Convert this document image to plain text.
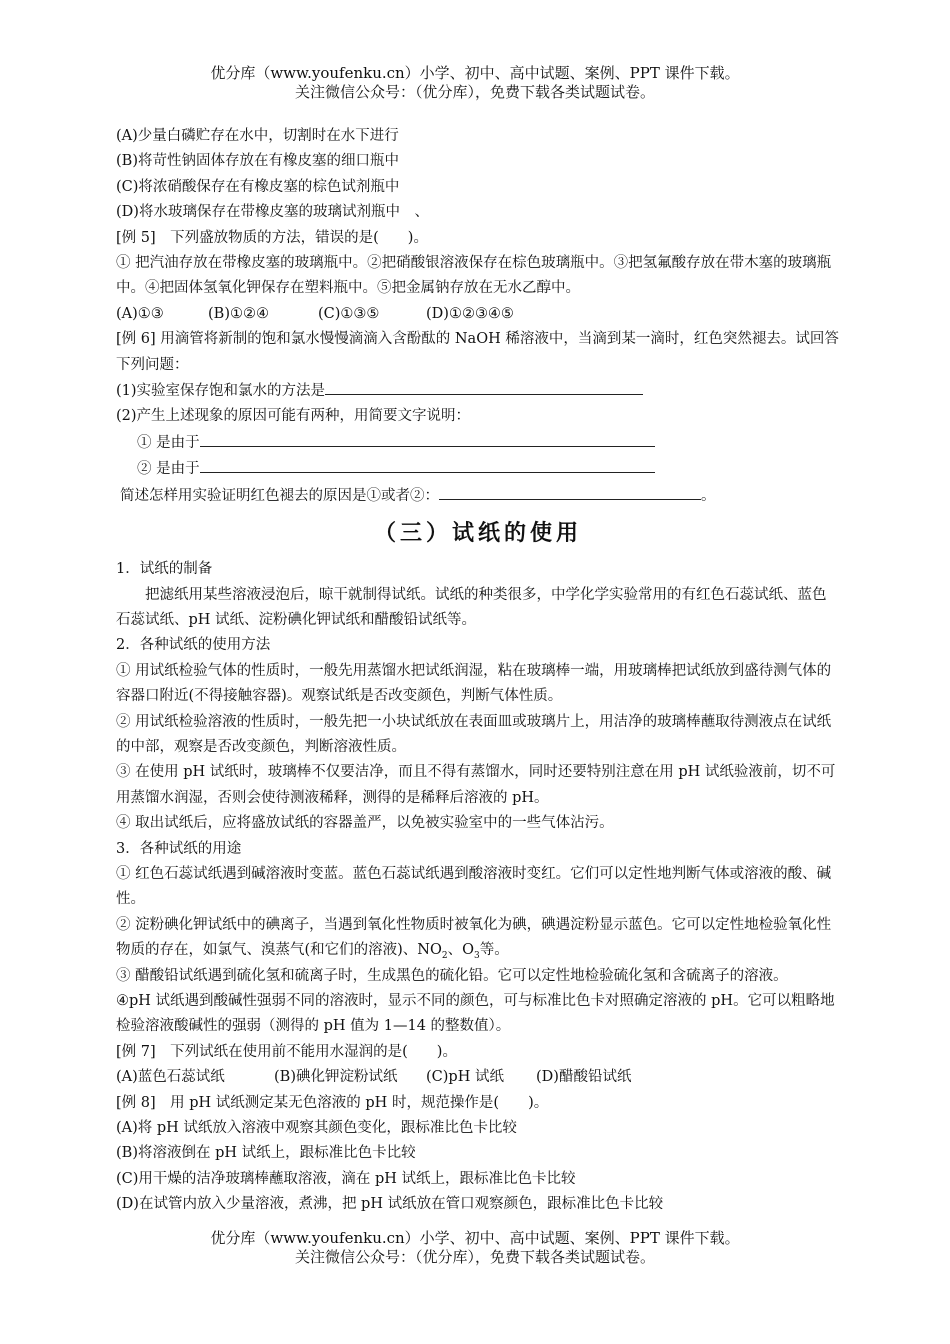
优分库（www.youfenku.cn）小学、初中、高中试题、案例、PPT 课件下载。
关注微信公众号：（优分库），免费下载各类试题试卷。

(A)少量白磷贮存在水中，切割时在水下进行

(B)将苛性钠固体存放在有橡皮塞的细口瓶中

(C)将浓硝酸保存在有橡皮塞的棕色试剂瓶中

(D)将水玻璃保存在带橡皮塞的玻璃试剂瓶中　、

[例 5]　下列盛放物质的方法，错误的是(　　)。

① 把汽油存放在带橡皮塞的玻璃瓶中。②把硝酸银溶液保存在棕色玻璃瓶中。③把氢氟酸存放在带木塞的玻璃瓶中。④把固体氢氧化钾保存在塑料瓶中。⑤把金属钠存放在无水乙醇中。

(A)①③	(B)①②④	(C)①③⑤	(D)①②③④⑤

[例 6] 用滴管将新制的饱和氯水慢慢滴滴入含酚酞的 NaOH 稀溶液中，当滴到某一滴时，红色突然褪去。试回答下列问题：

(1)实验室保存饱和氯水的方法是

(2)产生上述现象的原因可能有两种，用简要文字说明：

① 是由于

② 是由于

简述怎样用实验证明红色褪去的原因是①或者②：	。

（三）试纸的使用

1．试纸的制备

把滤纸用某些溶液浸泡后，晾干就制得试纸。试纸的种类很多，中学化学实验常用的有红色石蕊试纸、蓝色石蕊试纸、pH 试纸、淀粉碘化钾试纸和醋酸铅试纸等。

2．各种试纸的使用方法

① 用试纸检验气体的性质时，一般先用蒸馏水把试纸润湿，粘在玻璃棒一端，用玻璃棒把试纸放到盛待测气体的容器口附近(不得接触容器)。观察试纸是否改变颜色，判断气体性质。

② 用试纸检验溶液的性质时，一般先把一小块试纸放在表面皿或玻璃片上，用洁净的玻璃棒蘸取待测液点在试纸的中部，观察是否改变颜色，判断溶液性质。

③ 在使用 pH 试纸时，玻璃棒不仅要洁净，而且不得有蒸馏水，同时还要特别注意在用 pH 试纸验液前，切不可用蒸馏水润湿，否则会使待测液稀释，测得的是稀释后溶液的 pH。

④ 取出试纸后，应将盛放试纸的容器盖严，以免被实验室中的一些气体沾污。

3．各种试纸的用途

① 红色石蕊试纸遇到碱溶液时变蓝。蓝色石蕊试纸遇到酸溶液时变红。它们可以定性地判断气体或溶液的酸、碱性。

② 淀粉碘化钾试纸中的碘离子，当遇到氧化性物质时被氧化为碘，碘遇淀粉显示蓝色。它可以定性地检验氧化性物质的存在，如氯气、溴蒸气(和它们的溶液)、$NO_2$、$O_3$等。

③ 醋酸铅试纸遇到硫化氢和硫离子时，生成黑色的硫化铅。它可以定性地检验硫化氢和含硫离子的溶液。

④pH 试纸遇到酸碱性强弱不同的溶液时，显示不同的颜色，可与标准比色卡对照确定溶液的 pH。它可以粗略地检验溶液酸碱性的强弱（测得的 pH 值为 1—14 的整数值）。

[例 7]　下列试纸在使用前不能用水湿润的是(　　)。

(A)蓝色石蕊试纸	(B)碘化钾淀粉试纸 (C)pH 试纸 (D)醋酸铅试纸

[例 8]　用 pH 试纸测定某无色溶液的 pH 时，规范操作是(　　)。

(A)将 pH 试纸放入溶液中观察其颜色变化，跟标准比色卡比较

(B)将溶液倒在 pH 试纸上，跟标准比色卡比较

(C)用干燥的洁净玻璃棒蘸取溶液，滴在 pH 试纸上，跟标准比色卡比较

(D)在试管内放入少量溶液，煮沸，把 pH 试纸放在管口观察颜色，跟标准比色卡比较

优分库（www.youfenku.cn）小学、初中、高中试题、案例、PPT 课件下载。
关注微信公众号：（优分库），免费下载各类试题试卷。
